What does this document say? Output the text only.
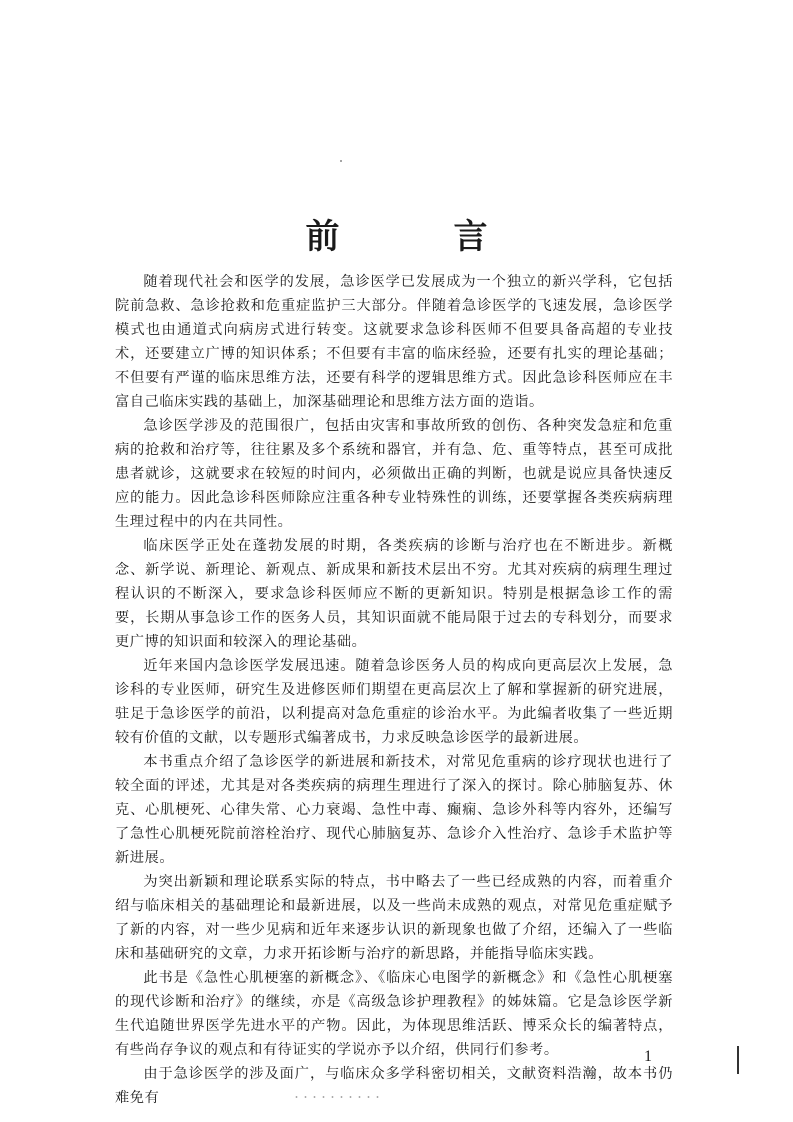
前　言

随着现代社会和医学的发展，急诊医学已发展成为一个独立的新兴学科，它包括院前急救、急诊抢救和危重症监护三大部分。伴随着急诊医学的飞速发展，急诊医学模式也由通道式向病房式进行转变。这就要求急诊科医师不但要具备高超的专业技术，还要建立广博的知识体系；不但要有丰富的临床经验，还要有扎实的理论基础；不但要有严谨的临床思维方法，还要有科学的逻辑思维方式。因此急诊科医师应在丰富自己临床实践的基础上，加深基础理论和思维方法方面的造诣。

急诊医学涉及的范围很广，包括由灾害和事故所致的创伤、各种突发急症和危重病的抢救和治疗等，往往累及多个系统和器官，并有急、危、重等特点，甚至可成批患者就诊，这就要求在较短的时间内，必须做出正确的判断，也就是说应具备快速反应的能力。因此急诊科医师除应注重各种专业特殊性的训练，还要掌握各类疾病病理生理过程中的内在共同性。

临床医学正处在蓬勃发展的时期，各类疾病的诊断与治疗也在不断进步。新概念、新学说、新理论、新观点、新成果和新技术层出不穷。尤其对疾病的病理生理过程认识的不断深入，要求急诊科医师应不断的更新知识。特别是根据急诊工作的需要，长期从事急诊工作的医务人员，其知识面就不能局限于过去的专科划分，而要求更广博的知识面和较深入的理论基础。

近年来国内急诊医学发展迅速。随着急诊医务人员的构成向更高层次上发展，急诊科的专业医师，研究生及进修医师们期望在更高层次上了解和掌握新的研究进展，驻足于急诊医学的前沿，以利提高对急危重症的诊治水平。为此编者收集了一些近期较有价值的文献，以专题形式编著成书，力求反映急诊医学的最新进展。

本书重点介绍了急诊医学的新进展和新技术，对常见危重病的诊疗现状也进行了较全面的评述，尤其是对各类疾病的病理生理进行了深入的探讨。除心肺脑复苏、休克、心肌梗死、心律失常、心力衰竭、急性中毒、癫痫、急诊外科等内容外，还编写了急性心肌梗死院前溶栓治疗、现代心肺脑复苏、急诊介入性治疗、急诊手术监护等新进展。

为突出新颖和理论联系实际的特点，书中略去了一些已经成熟的内容，而着重介绍与临床相关的基础理论和最新进展，以及一些尚未成熟的观点，对常见危重症赋予了新的内容，对一些少见病和近年来逐步认识的新现象也做了介绍，还编入了一些临床和基础研究的文章，力求开拓诊断与治疗的新思路，并能指导临床实践。

此书是《急性心肌梗塞的新概念》、《临床心电图学的新概念》和《急性心肌梗塞的现代诊断和治疗》的继续，亦是《高级急诊护理教程》的姊妹篇。它是急诊医学新生代追随世界医学先进水平的产物。因此，为体现思维活跃、博采众长的编著特点，有些尚存争议的观点和有待证实的学说亦予以介绍，供同行们参考。

由于急诊医学的涉及面广，与临床众多学科密切相关，文献资料浩瀚，故本书仍难免有

1
